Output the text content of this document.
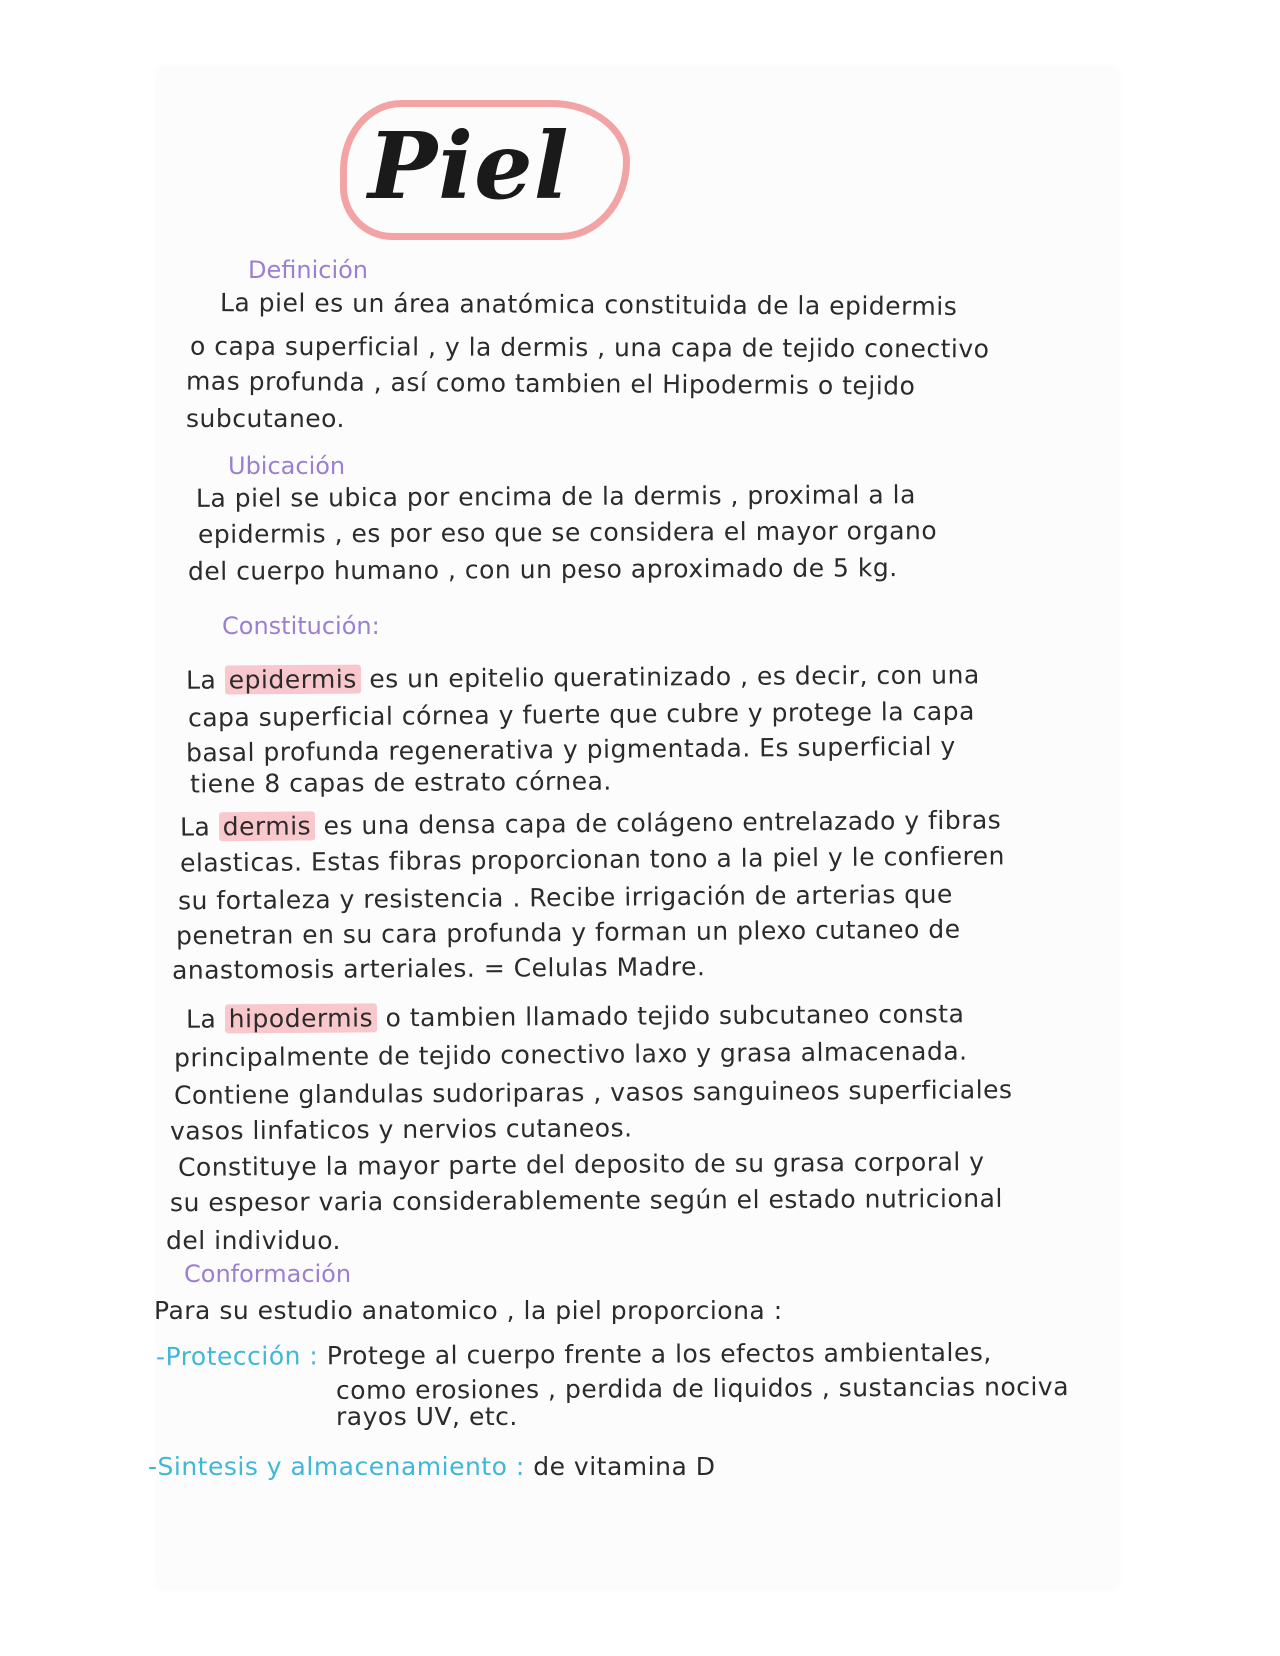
Piel
Definición
La piel es un área anatómica constituida de la epidermis
o capa superficial , y la dermis , una capa de tejido conectivo
mas profunda , así como tambien el Hipodermis o tejido
subcutaneo.
Ubicación
La piel se ubica por encima de la dermis , proximal a la
epidermis , es por eso que se considera el mayor organo
del cuerpo humano , con un peso aproximado de 5 kg.
Constitución:
La epidermis es un epitelio queratinizado , es decir, con una
capa superficial córnea y fuerte que cubre y protege la capa
basal profunda regenerativa y pigmentada. Es superficial y
tiene 8 capas de estrato córnea.
La dermis es una densa capa de colágeno entrelazado y fibras
elasticas. Estas fibras proporcionan tono a la piel y le confieren
su fortaleza y resistencia . Recibe irrigación de arterias que
penetran en su cara profunda y forman un plexo cutaneo de
anastomosis arteriales. = Celulas Madre.
La hipodermis o tambien llamado tejido subcutaneo consta
principalmente de tejido conectivo laxo y grasa almacenada.
Contiene glandulas sudoriparas , vasos sanguineos superficiales
vasos linfaticos y nervios cutaneos.
Constituye la mayor parte del deposito de su grasa corporal y
su espesor varia considerablemente según el estado nutricional
del individuo.
Conformación
Para su estudio anatomico , la piel proporciona :
-Protección : Protege al cuerpo frente a los efectos ambientales,
como erosiones , perdida de liquidos , sustancias nociva
rayos UV, etc.
-Sintesis y almacenamiento : de vitamina D
